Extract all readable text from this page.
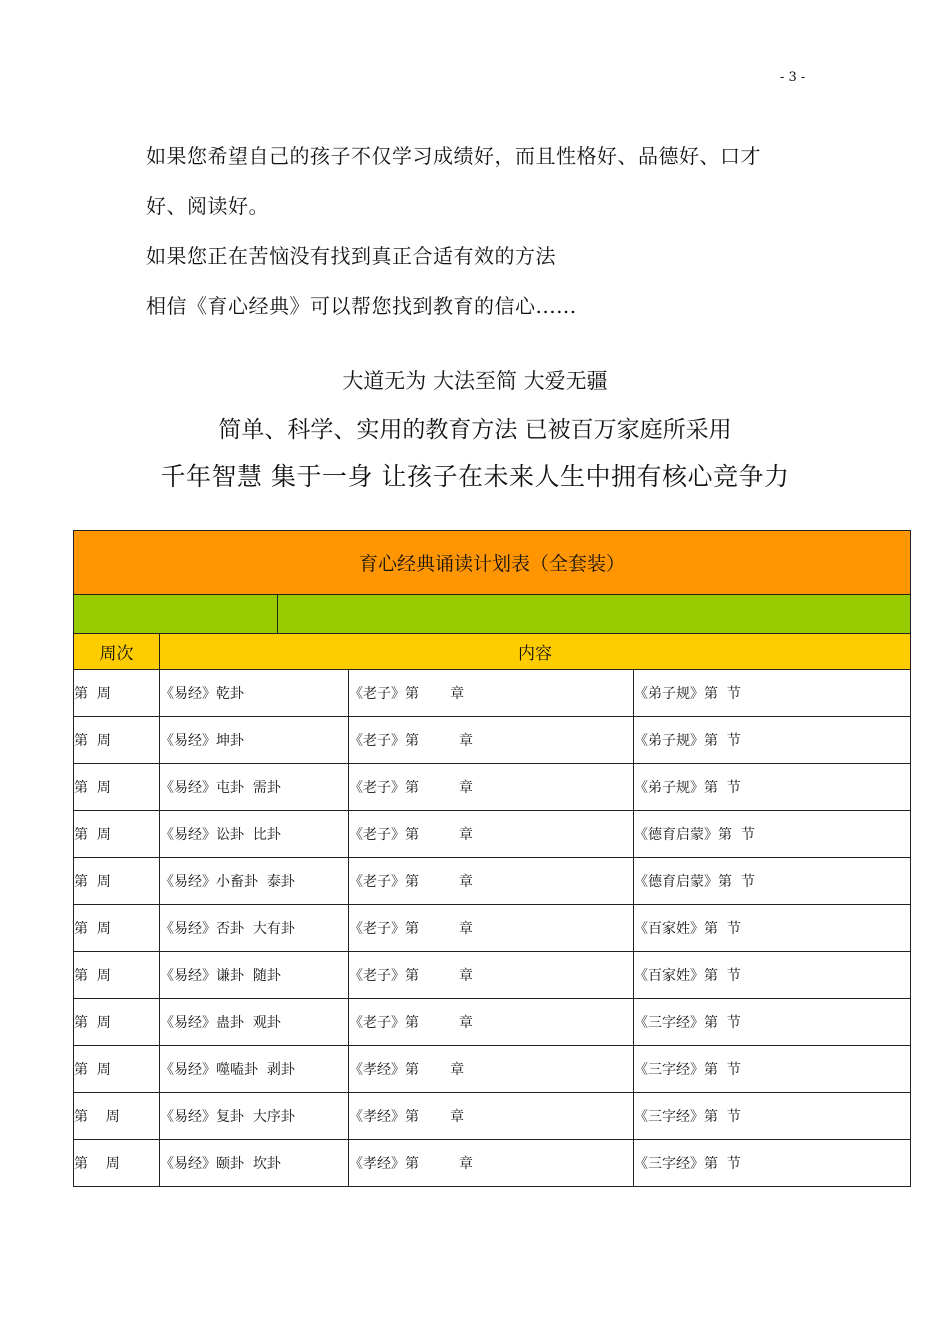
- 3 -
如果您希望自己的孩子不仅学习成绩好，而且性格好、品德好、口才
好、阅读好。
如果您正在苦恼没有找到真正合适有效的方法
相信《育心经典》可以帮您找到教育的信心......
大道无为 大法至简 大爱无疆
简单、科学、实用的教育方法 已被百万家庭所采用
千年智慧 集于一身 让孩子在未来人生中拥有核心竞争力
育心经典诵读计划表（全套装）				

周次	内容			
第  周	《易经》乾卦		《老子》第       章	《弟子规》第  节
第  周	《易经》坤卦		《老子》第         章	《弟子规》第  节
第  周	《易经》屯卦  需卦		《老子》第         章	《弟子规》第  节
第  周	《易经》讼卦  比卦		《老子》第         章	《德育启蒙》第  节
第  周	《易经》小畜卦  泰卦		《老子》第         章	《德育启蒙》第  节
第  周	《易经》否卦  大有卦		《老子》第         章	《百家姓》第  节
第  周	《易经》谦卦  随卦		《老子》第         章	《百家姓》第  节
第  周	《易经》蛊卦  观卦		《老子》第         章	《三字经》第  节
第  周	《易经》噬嗑卦  剥卦		《孝经》第       章	《三字经》第  节
第    周	《易经》复卦  大序卦		《孝经》第       章	《三字经》第  节
第    周	《易经》颐卦  坎卦		《孝经》第         章	《三字经》第  节
